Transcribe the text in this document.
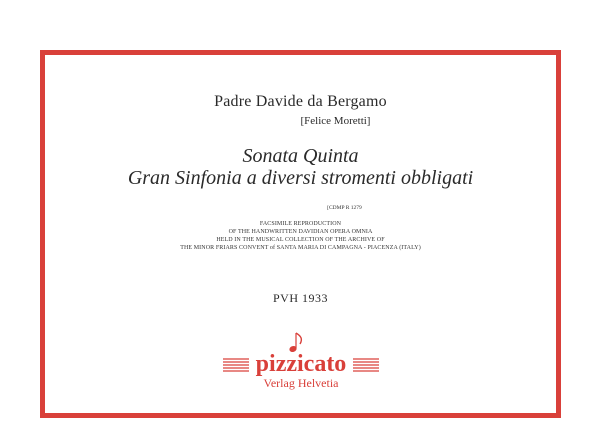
Padre Davide da Bergamo
[Felice Moretti]
Sonata Quinta
Gran Sinfonia a diversi stromenti obbligati
[CDMP R 1279
FACSIMILE REPRODUCTION
OF THE HANDWRITTEN DAVIDIAN OPERA OMNIA
HELD IN THE MUSICAL COLLECTION OF THE ARCHIVE OF
THE MINOR FRIARS CONVENT of SANTA MARIA DI CAMPAGNA - PIACENZA (ITALY)
PVH 1933
pizzicato
Verlag Helvetia
